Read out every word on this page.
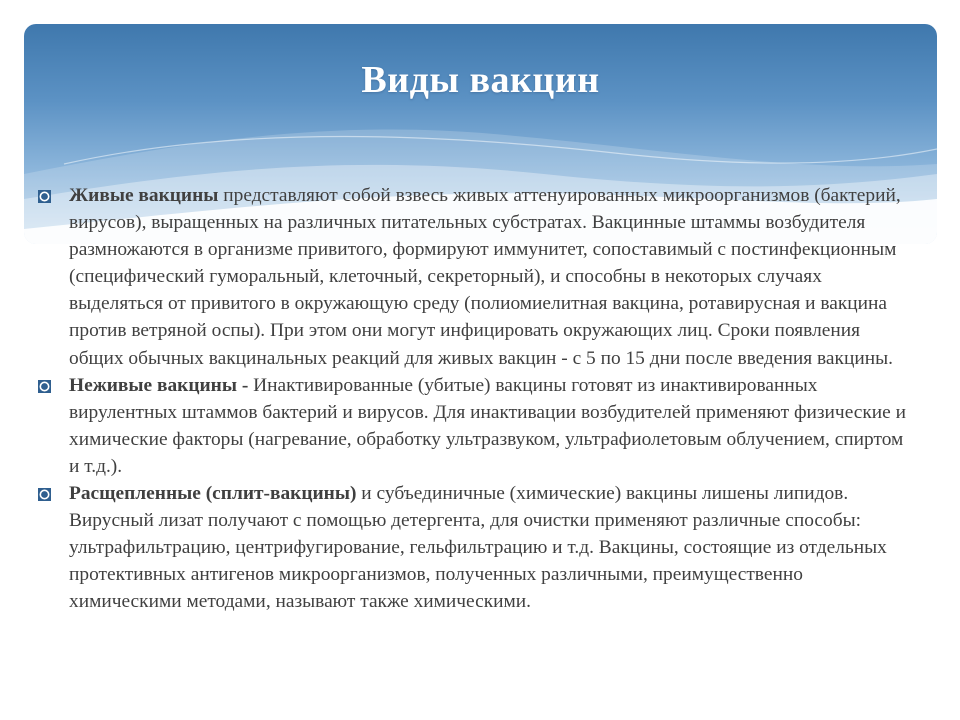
Виды вакцин
Живые вакцины представляют собой взвесь живых аттенуированных микроорганизмов (бактерий, вирусов), выращенных на различных питательных субстратах. Вакцинные штаммы возбудителя размножаются в организме привитого, формируют иммунитет, сопоставимый с постинфекционным (специфический гуморальный, клеточный, секреторный), и способны в некоторых случаях выделяться от привитого в окружающую среду (полиомиелитная вакцина, ротавирусная и вакцина против ветряной оспы). При этом они могут инфицировать окружающих лиц. Сроки появления общих обычных вакцинальных реакций для живых вакцин - с 5 по 15 дни после введения вакцины.
Неживые вакцины - Инактивированные (убитые) вакцины готовят из инактивированных вирулентных штаммов бактерий и вирусов. Для инактивации возбудителей применяют физические и химические факторы (нагревание, обработку ультразвуком, ультрафиолетовым облучением, спиртом и т.д.).
Расщепленные (сплит-вакцины) и субъединичные (химические) вакцины лишены липидов. Вирусный лизат получают с помощью детергента, для очистки применяют различные способы: ультрафильтрацию, центрифугирование, гельфильтрацию и т.д. Вакцины, состоящие из отдельных протективных антигенов микроорганизмов, полученных различными, преимущественно химическими методами, называют также химическими.
